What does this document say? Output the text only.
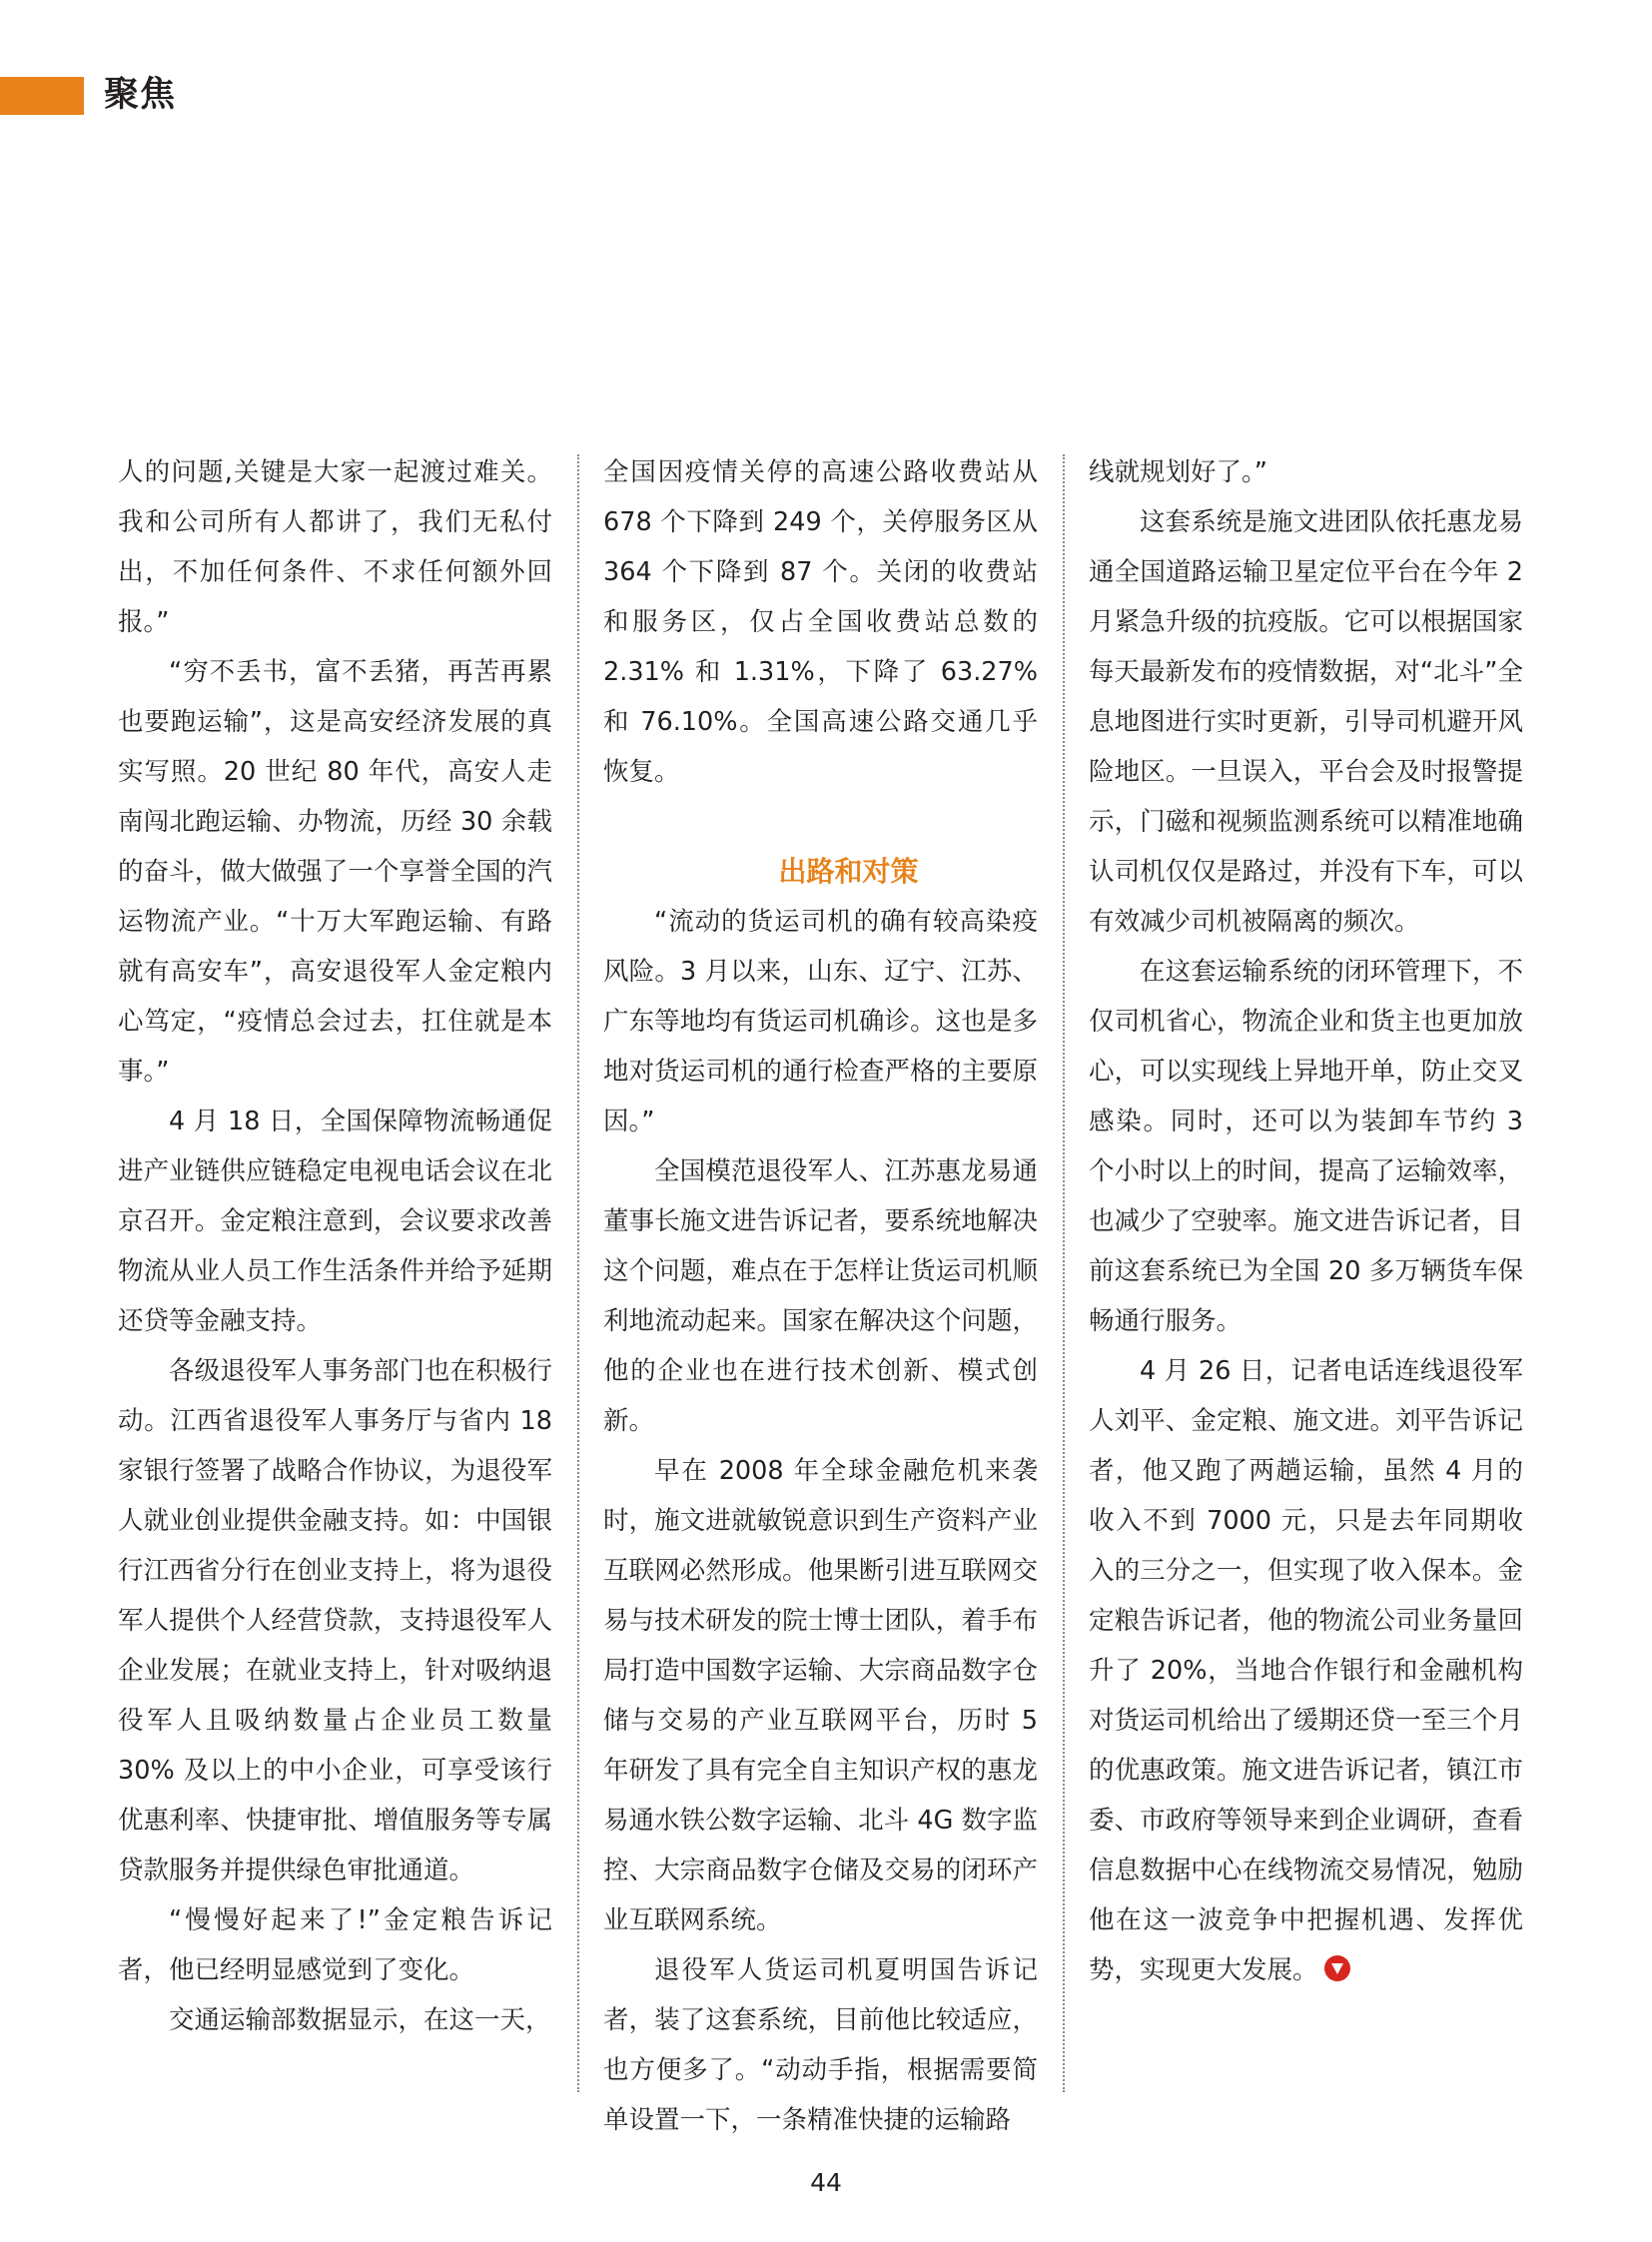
聚焦

人的问题,关键是大家一起渡过难关。我和公司所有人都讲了，我们无私付出，不加任何条件、不求任何额外回报。”

“穷不丢书，富不丢猪，再苦再累也要跑运输”，这是高安经济发展的真实写照。20 世纪 80 年代，高安人走南闯北跑运输、办物流，历经 30 余载的奋斗，做大做强了一个享誉全国的汽运物流产业。“十万大军跑运输、有路就有高安车”，高安退役军人金定粮内心笃定，“疫情总会过去，扛住就是本事。”

4 月 18 日，全国保障物流畅通促进产业链供应链稳定电视电话会议在北京召开。金定粮注意到，会议要求改善物流从业人员工作生活条件并给予延期还贷等金融支持。

各级退役军人事务部门也在积极行动。江西省退役军人事务厅与省内 18 家银行签署了战略合作协议，为退役军人就业创业提供金融支持。如：中国银行江西省分行在创业支持上，将为退役军人提供个人经营贷款，支持退役军人企业发展；在就业支持上，针对吸纳退役军人且吸纳数量占企业员工数量 30% 及以上的中小企业，可享受该行优惠利率、快捷审批、增值服务等专属贷款服务并提供绿色审批通道。

“慢慢好起来了!”金定粮告诉记者，他已经明显感觉到了变化。

交通运输部数据显示，在这一天，

全国因疫情关停的高速公路收费站从 678 个下降到 249 个，关停服务区从 364 个下降到 87 个。关闭的收费站和服务区，仅占全国收费站总数的 2.31% 和 1.31%，下降了 63.27% 和 76.10%。全国高速公路交通几乎恢复。

出路和对策

“流动的货运司机的确有较高染疫风险。3 月以来，山东、辽宁、江苏、广东等地均有货运司机确诊。这也是多地对货运司机的通行检查严格的主要原因。”

全国模范退役军人、江苏惠龙易通董事长施文进告诉记者，要系统地解决这个问题，难点在于怎样让货运司机顺利地流动起来。国家在解决这个问题，他的企业也在进行技术创新、模式创新。

早在 2008 年全球金融危机来袭时，施文进就敏锐意识到生产资料产业互联网必然形成。他果断引进互联网交易与技术研发的院士博士团队，着手布局打造中国数字运输、大宗商品数字仓储与交易的产业互联网平台，历时 5 年研发了具有完全自主知识产权的惠龙易通水铁公数字运输、北斗 4G 数字监控、大宗商品数字仓储及交易的闭环产业互联网系统。

退役军人货运司机夏明国告诉记者，装了这套系统，目前他比较适应，也方便多了。“动动手指，根据需要简单设置一下，一条精准快捷的运输路

线就规划好了。”

这套系统是施文进团队依托惠龙易通全国道路运输卫星定位平台在今年 2 月紧急升级的抗疫版。它可以根据国家每天最新发布的疫情数据，对“北斗”全息地图进行实时更新，引导司机避开风险地区。一旦误入，平台会及时报警提示，门磁和视频监测系统可以精准地确认司机仅仅是路过，并没有下车，可以有效减少司机被隔离的频次。

在这套运输系统的闭环管理下，不仅司机省心，物流企业和货主也更加放心，可以实现线上异地开单，防止交叉感染。同时，还可以为装卸车节约 3 个小时以上的时间，提高了运输效率，也减少了空驶率。施文进告诉记者，目前这套系统已为全国 20 多万辆货车保畅通行服务。

4 月 26 日，记者电话连线退役军人刘平、金定粮、施文进。刘平告诉记者，他又跑了两趟运输，虽然 4 月的收入不到 7000 元，只是去年同期收入的三分之一，但实现了收入保本。金定粮告诉记者，他的物流公司业务量回升了 20%，当地合作银行和金融机构对货运司机给出了缓期还贷一至三个月的优惠政策。施文进告诉记者，镇江市委、市政府等领导来到企业调研，查看信息数据中心在线物流交易情况，勉励他在这一波竞争中把握机遇、发挥优势，实现更大发展。

44
